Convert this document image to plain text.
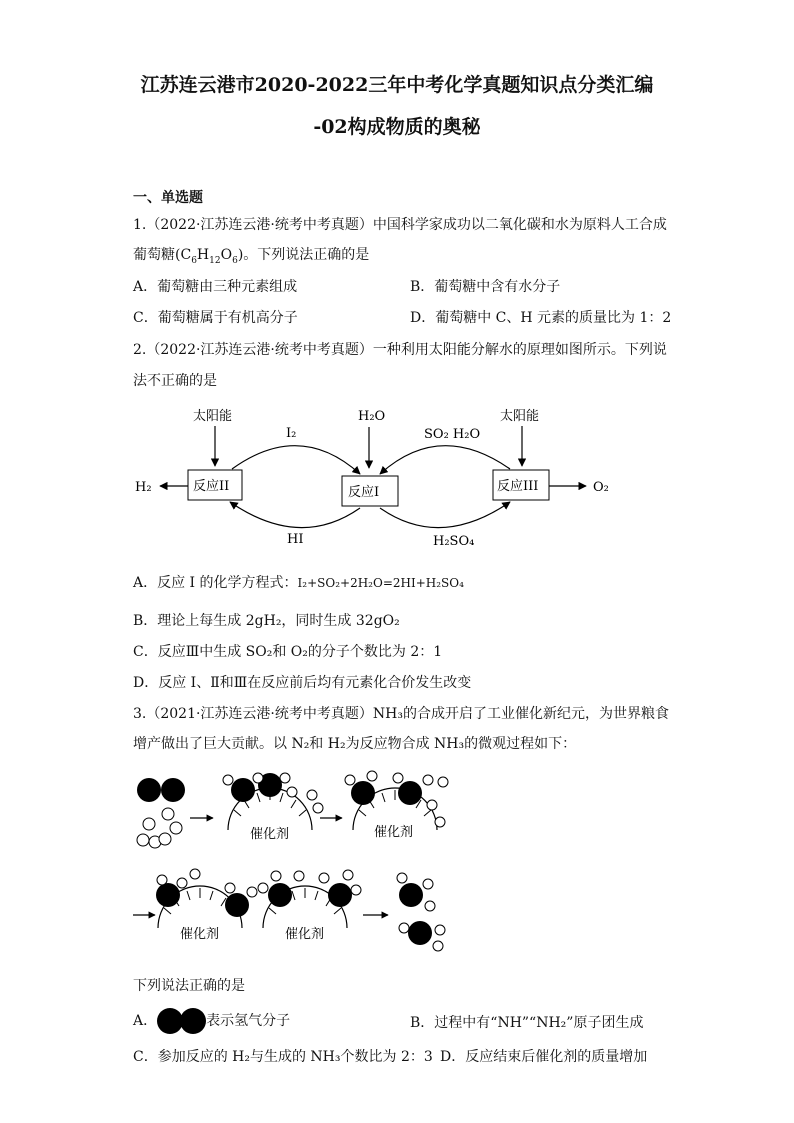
江苏连云港市2020-2022三年中考化学真题知识点分类汇编
-02构成物质的奥秘
一、单选题
1.（2022·江苏连云港·统考中考真题）中国科学家成功以二氧化碳和水为原料人工合成
葡萄糖$(C_6H_{12}O_6)$。下列说法正确的是
A．葡萄糖由三种元素组成	B．葡萄糖中含有水分子
C．葡萄糖属于有机高分子	D．葡萄糖中 C、H 元素的质量比为 1：2
2.（2022·江苏连云港·统考中考真题）一种利用太阳能分解水的原理如图所示。下列说
法不正确的是
太阳能	H₂O	太阳能
I₂	SO₂ H₂O
反应II	反应I	反应III
H₂	O₂
HI	H₂SO₄
A．反应 I 的化学方程式：I₂+SO₂+2H₂O=2HI+H₂SO₄
B．理论上每生成 2gH₂，同时生成 32gO₂
C．反应Ⅲ中生成 SO₂和 O₂的分子个数比为 2：1
D．反应 I、Ⅱ和Ⅲ在反应前后均有元素化合价发生改变
3.（2021·江苏连云港·统考中考真题）NH₃的合成开启了工业催化新纪元，为世界粮食
增产做出了巨大贡献。以 N₂和 H₂为反应物合成 NH₃的微观过程如下：
催化剂	催化剂
催化剂	催化剂
下列说法正确的是
A．	表示氢气分子	B．过程中有“NH”“NH₂”原子团生成
C．参加反应的 H₂与生成的 NH₃个数比为 2：3 D．反应结束后催化剂的质量增加
